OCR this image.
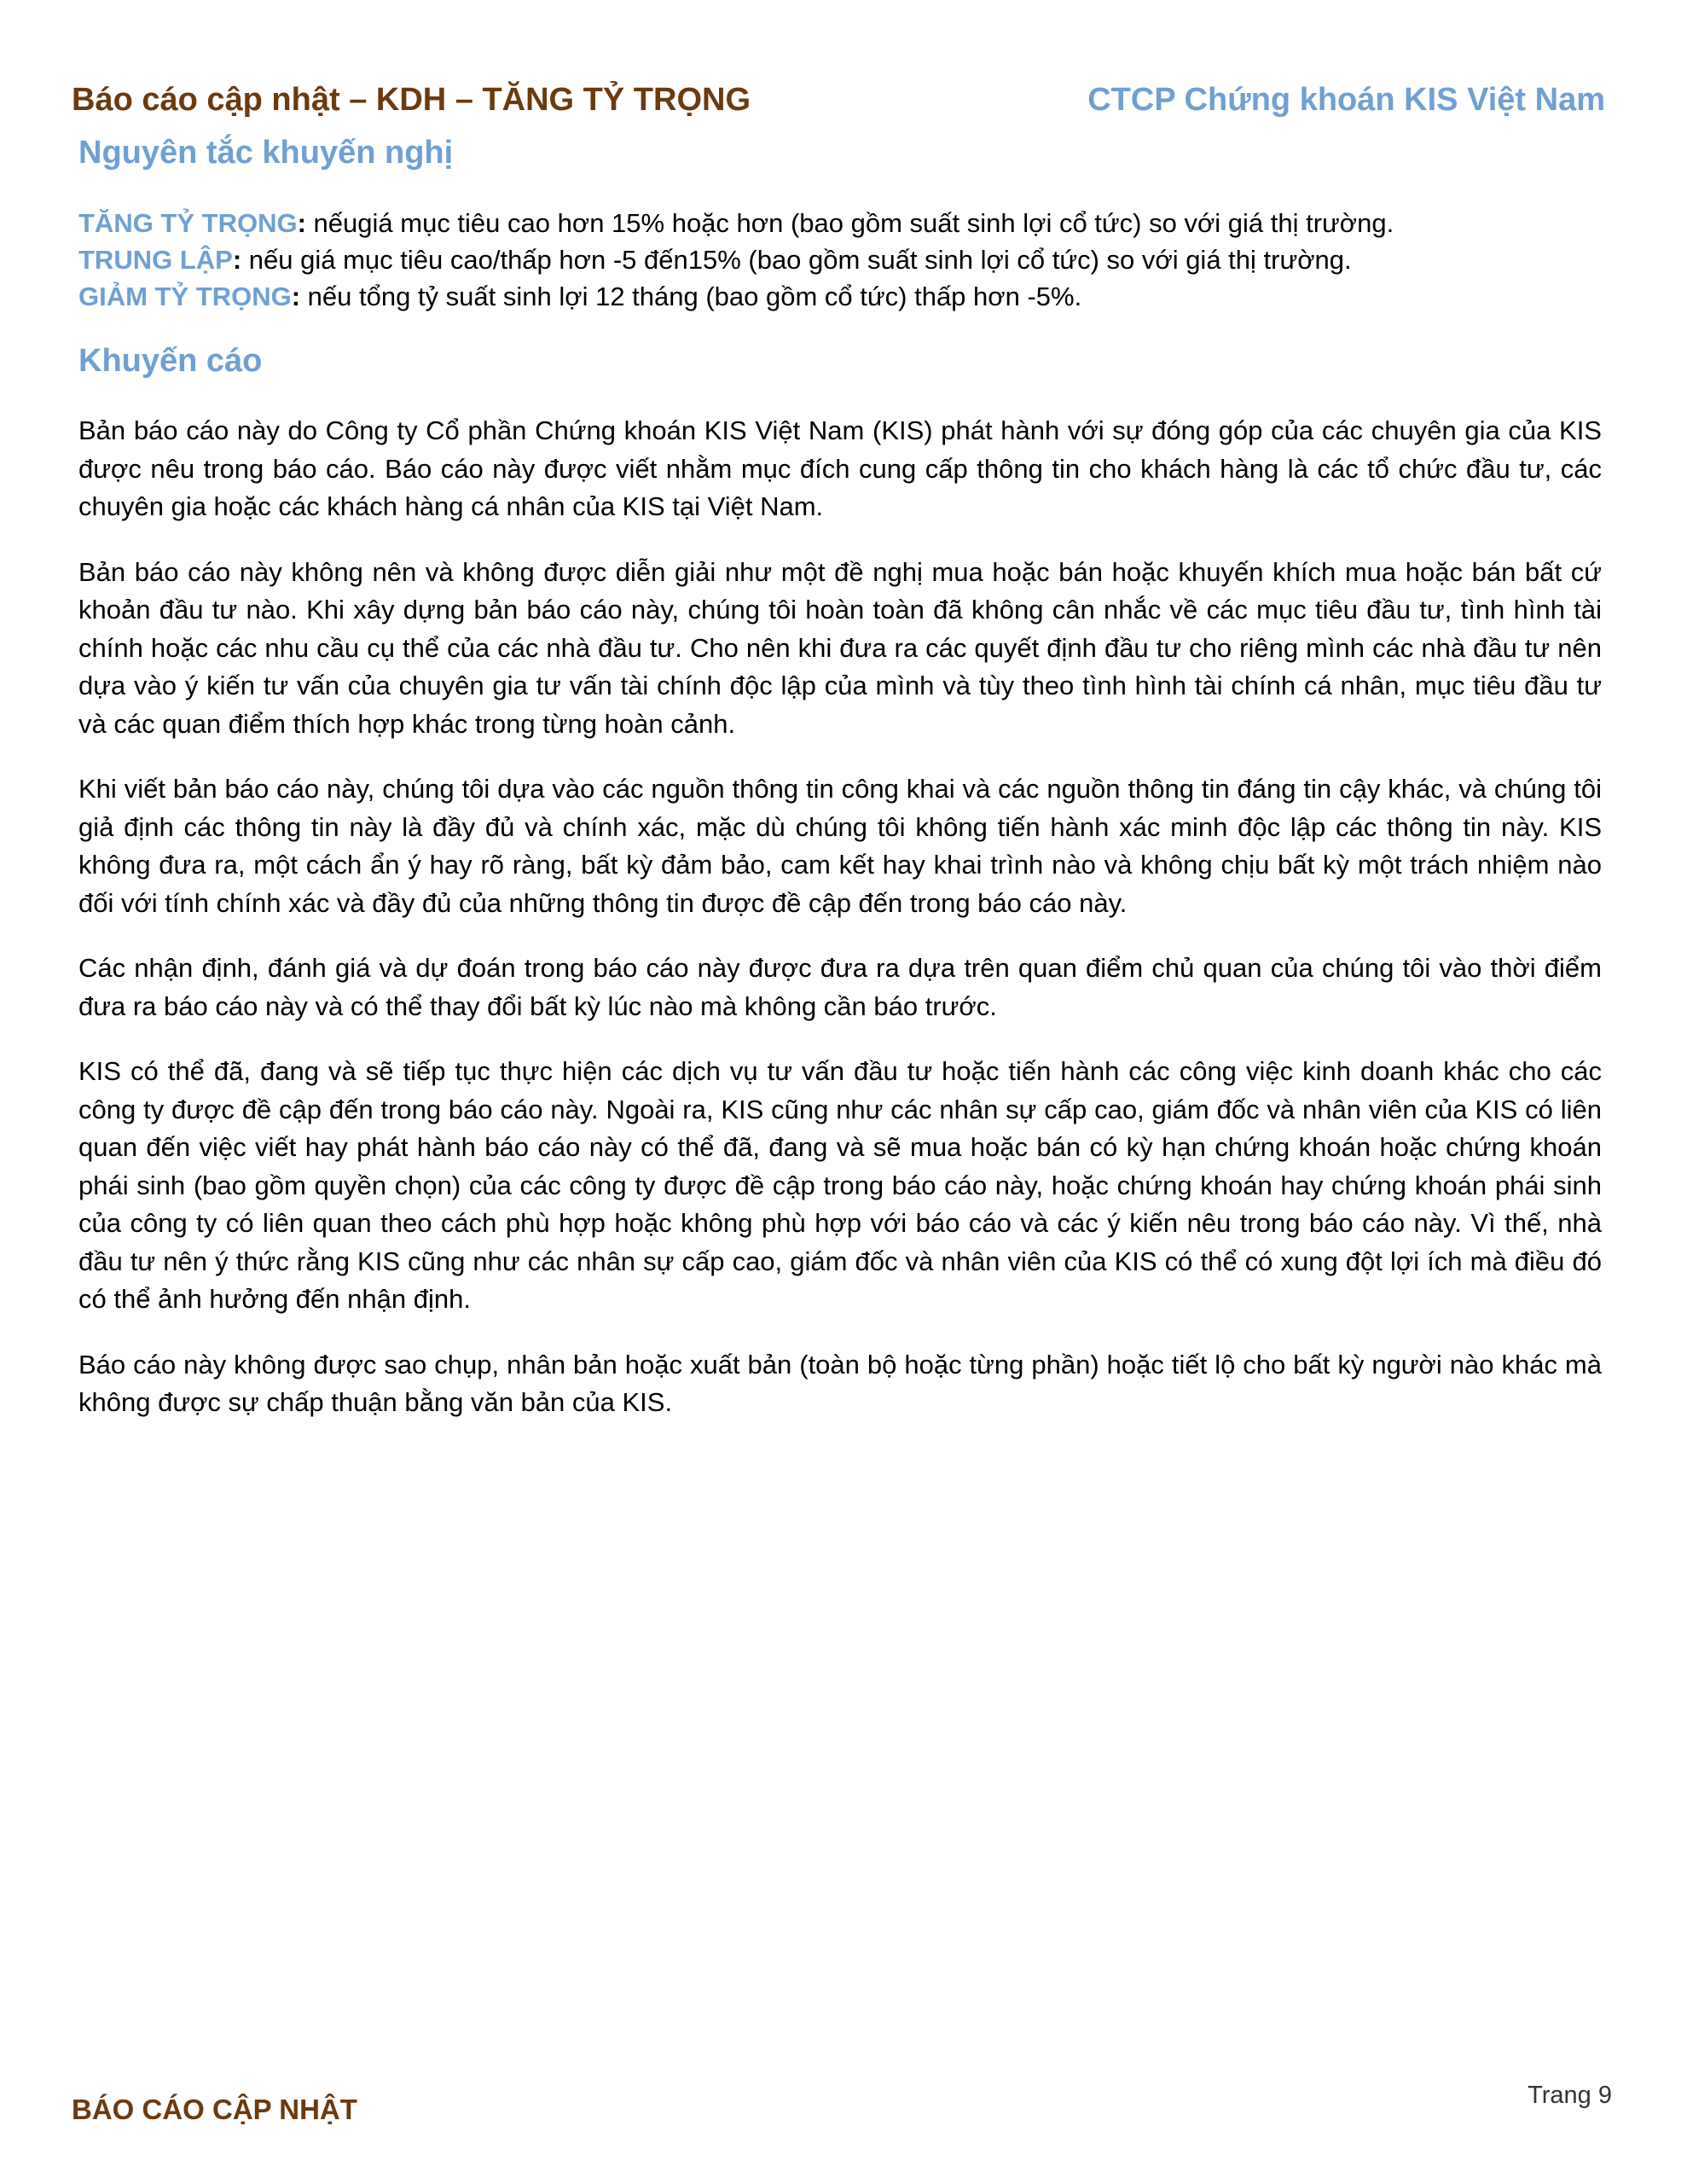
Báo cáo cập nhật – KDH – TĂNG TỶ TRỌNG	CTCP Chứng khoán KIS Việt Nam
Nguyên tắc khuyến nghị
TĂNG TỶ TRỌNG: nếugiá mục tiêu cao hơn 15% hoặc hơn (bao gồm suất sinh lợi cổ tức) so với giá thị trường.
TRUNG LẬP: nếu giá mục tiêu cao/thấp hơn -5 đến15% (bao gồm suất sinh lợi cổ tức) so với giá thị trường.
GIẢM TỶ TRỌNG: nếu tổng tỷ suất sinh lợi 12 tháng (bao gồm cổ tức) thấp hơn -5%.
Khuyến cáo

Bản báo cáo này do Công ty Cổ phần Chứng khoán KIS Việt Nam (KIS) phát hành với sự đóng góp của các chuyên gia của KIS được nêu trong báo cáo. Báo cáo này được viết nhằm mục đích cung cấp thông tin cho khách hàng là các tổ chức đầu tư, các chuyên gia hoặc các khách hàng cá nhân của KIS tại Việt Nam.

Bản báo cáo này không nên và không được diễn giải như một đề nghị mua hoặc bán hoặc khuyến khích mua hoặc bán bất cứ khoản đầu tư nào. Khi xây dựng bản báo cáo này, chúng tôi hoàn toàn đã không cân nhắc về các mục tiêu đầu tư, tình hình tài chính hoặc các nhu cầu cụ thể của các nhà đầu tư. Cho nên khi đưa ra các quyết định đầu tư cho riêng mình các nhà đầu tư nên dựa vào ý kiến tư vấn của chuyên gia tư vấn tài chính độc lập của mình và tùy theo tình hình tài chính cá nhân, mục tiêu đầu tư và các quan điểm thích hợp khác trong từng hoàn cảnh.

Khi viết bản báo cáo này, chúng tôi dựa vào các nguồn thông tin công khai và các nguồn thông tin đáng tin cậy khác, và chúng tôi giả định các thông tin này là đầy đủ và chính xác, mặc dù chúng tôi không tiến hành xác minh độc lập các thông tin này. KIS không đưa ra, một cách ẩn ý hay rõ ràng, bất kỳ đảm bảo, cam kết hay khai trình nào và không chịu bất kỳ một trách nhiệm nào đối với tính chính xác và đầy đủ của những thông tin được đề cập đến trong báo cáo này.

Các nhận định, đánh giá và dự đoán trong báo cáo này được đưa ra dựa trên quan điểm chủ quan của chúng tôi vào thời điểm đưa ra báo cáo này và có thể thay đổi bất kỳ lúc nào mà không cần báo trước.

KIS có thể đã, đang và sẽ tiếp tục thực hiện các dịch vụ tư vấn đầu tư hoặc tiến hành các công việc kinh doanh khác cho các công ty được đề cập đến trong báo cáo này. Ngoài ra, KIS cũng như các nhân sự cấp cao, giám đốc và nhân viên của KIS có liên quan đến việc viết hay phát hành báo cáo này có thể đã, đang và sẽ mua hoặc bán có kỳ hạn chứng khoán hoặc chứng khoán phái sinh (bao gồm quyền chọn) của các công ty được đề cập trong báo cáo này, hoặc chứng khoán hay chứng khoán phái sinh của công ty có liên quan theo cách phù hợp hoặc không phù hợp với báo cáo và các ý kiến nêu trong báo cáo này. Vì thế, nhà đầu tư nên ý thức rằng KIS cũng như các nhân sự cấp cao, giám đốc và nhân viên của KIS có thể có xung đột lợi ích mà điều đó có thể ảnh hưởng đến nhận định.

Báo cáo này không được sao chụp, nhân bản hoặc xuất bản (toàn bộ hoặc từng phần) hoặc tiết lộ cho bất kỳ người nào khác mà không được sự chấp thuận bằng văn bản của KIS.

BÁO CÁO CẬP NHẬT	Trang 9
